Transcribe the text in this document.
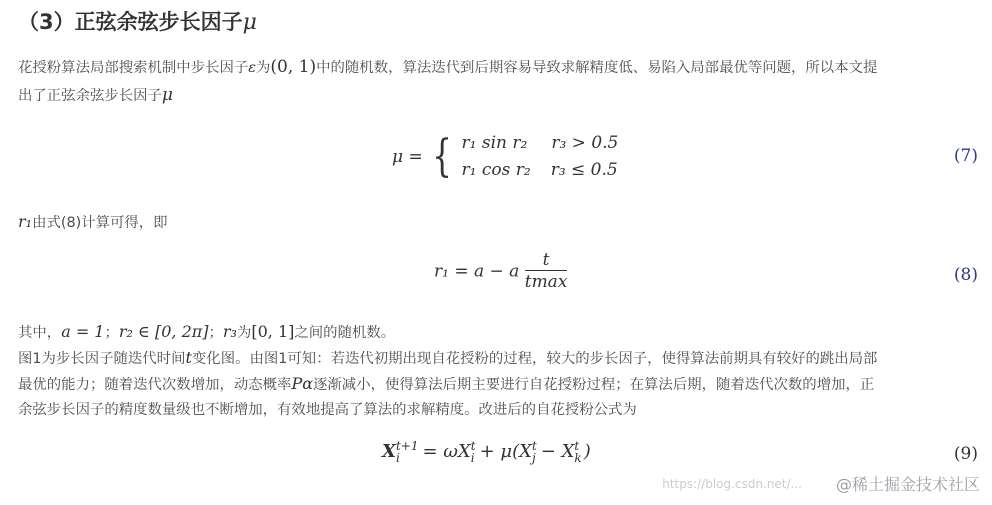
（3）正弦余弦步长因子μ
花授粉算法局部搜索机制中步长因子ε为(0, 1)中的随机数，算法迭代到后期容易导致求解精度低、易陷入局部最优等问题，所以本文提
出了正弦余弦步长因子μ
μ = { r₁ sin r₂ r₃ > 0.5
r₁ cos r₂ r₃ ≤ 0.5
(7)
r₁由式(8)计算可得，即
r₁ = a − a $\frac{t}{tmax}$	(8)
其中，a = 1；r₂ ∈ [0, 2π]；r₃为[0, 1]之间的随机数。
图1为步长因子随迭代时间t变化图。由图1可知：若迭代初期出现自花授粉的过程，较大的步长因子，使得算法前期具有较好的跳出局部
最优的能力；随着迭代次数增加，动态概率Pα逐渐减小，使得算法后期主要进行自花授粉过程；在算法后期，随着迭代次数的增加，正
余弦步长因子的精度数量级也不断增加，有效地提高了算法的求解精度。改进后的自花授粉公式为
X t+1
i	= ωX t
i + μ(X t
j − X t
k )	(9)
https://blog.csdn.net/... @稀土掘金技术社区
